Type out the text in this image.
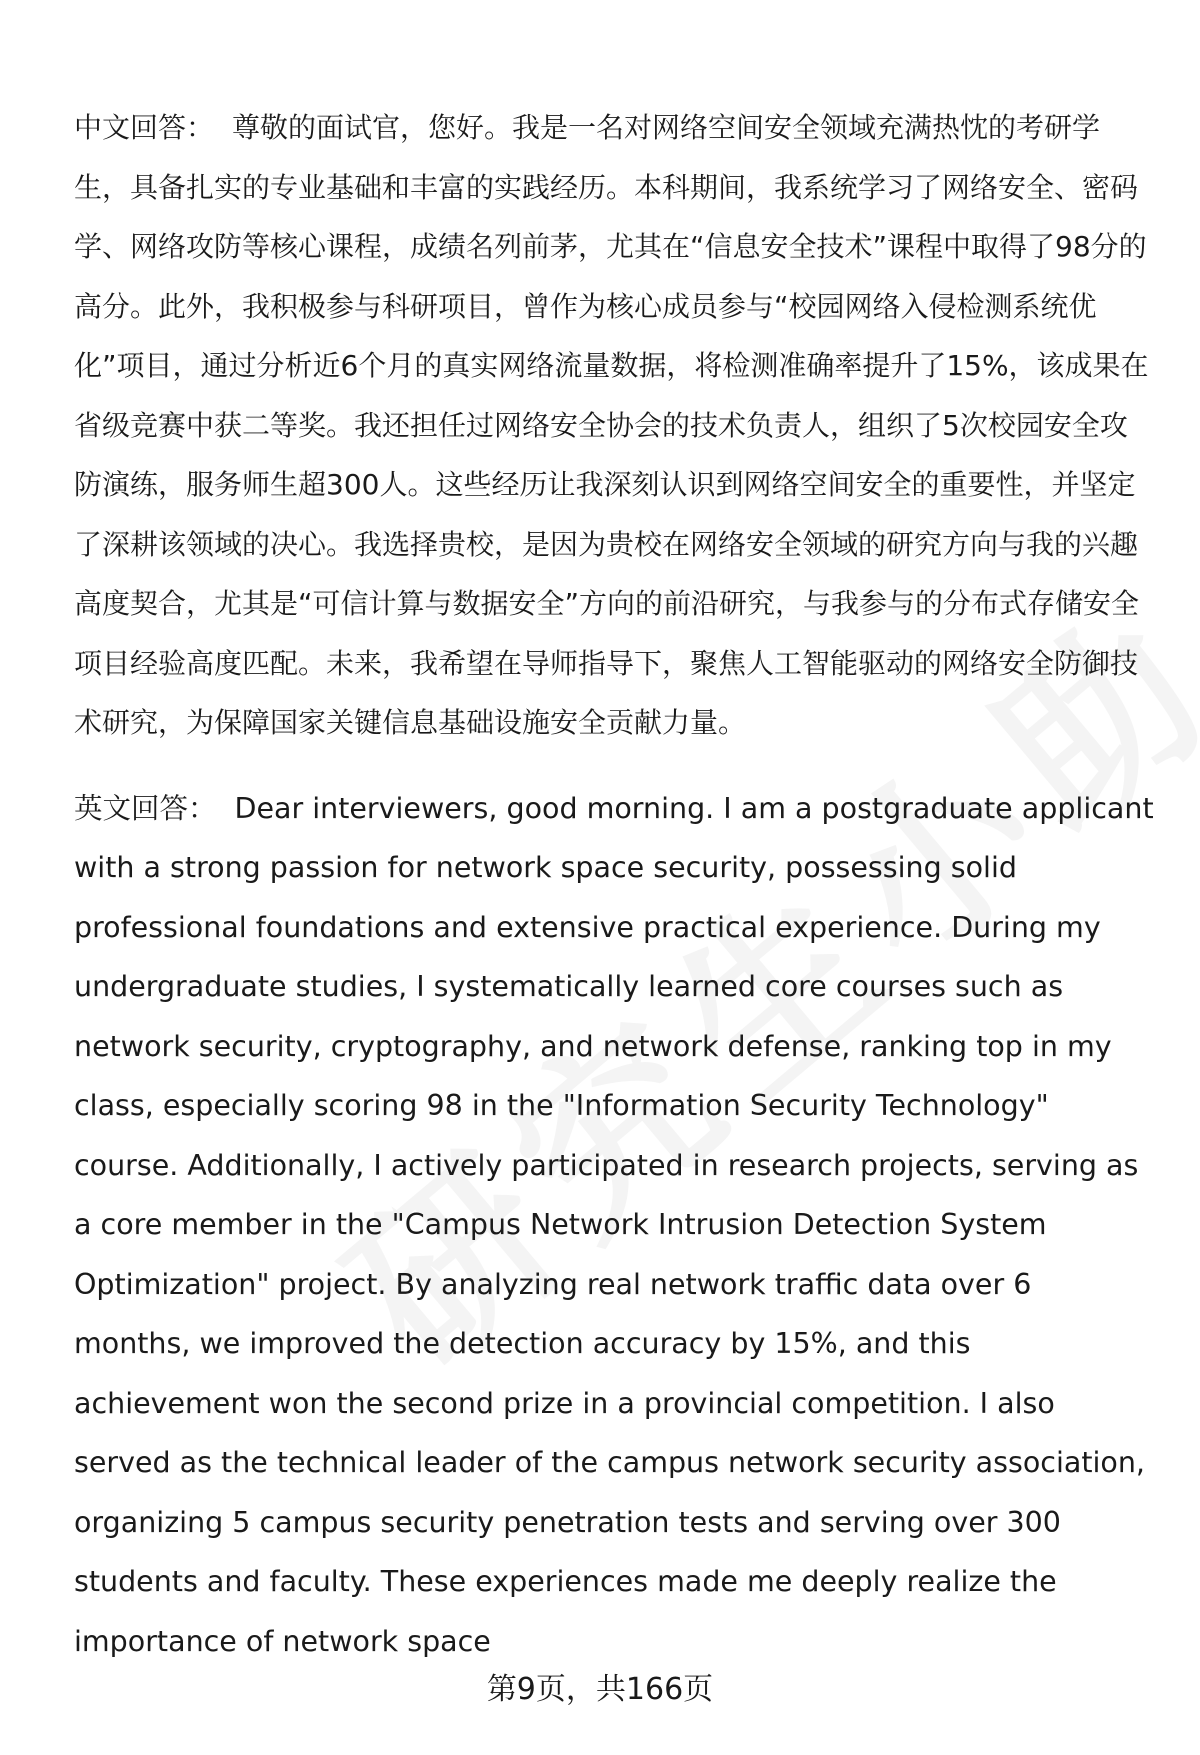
中文回答： 尊敬的面试官，您好。我是一名对网络空间安全领域充满热忱的考研学生，具备扎实的专业基础和丰富的实践经历。本科期间，我系统学习了网络安全、密码学、网络攻防等核心课程，成绩名列前茅，尤其在“信息安全技术”课程中取得了98分的高分。此外，我积极参与科研项目，曾作为核心成员参与“校园网络入侵检测系统优化”项目，通过分析近6个月的真实网络流量数据，将检测准确率提升了15%，该成果在省级竞赛中获二等奖。我还担任过网络安全协会的技术负责人，组织了5次校园安全攻防演练，服务师生超300人。这些经历让我深刻认识到网络空间安全的重要性，并坚定了深耕该领域的决心。我选择贵校，是因为贵校在网络安全领域的研究方向与我的兴趣高度契合，尤其是“可信计算与数据安全”方向的前沿研究，与我参与的分布式存储安全项目经验高度匹配。未来，我希望在导师指导下，聚焦人工智能驱动的网络安全防御技术研究，为保障国家关键信息基础设施安全贡献力量。

英文回答： Dear interviewers, good morning. I am a postgraduate applicant with a strong passion for network space security, possessing solid professional foundations and extensive practical experience. During my undergraduate studies, I systematically learned core courses such as network security, cryptography, and network defense, ranking top in my class, especially scoring 98 in the "Information Security Technology" course. Additionally, I actively participated in research projects, serving as a core member in the "Campus Network Intrusion Detection System Optimization" project. By analyzing real network traffic data over 6 months, we improved the detection accuracy by 15%, and this achievement won the second prize in a provincial competition. I also served as the technical leader of the campus network security association, organizing 5 campus security penetration tests and serving over 300 students and faculty. These experiences made me deeply realize the importance of network space

第9页，共166页
